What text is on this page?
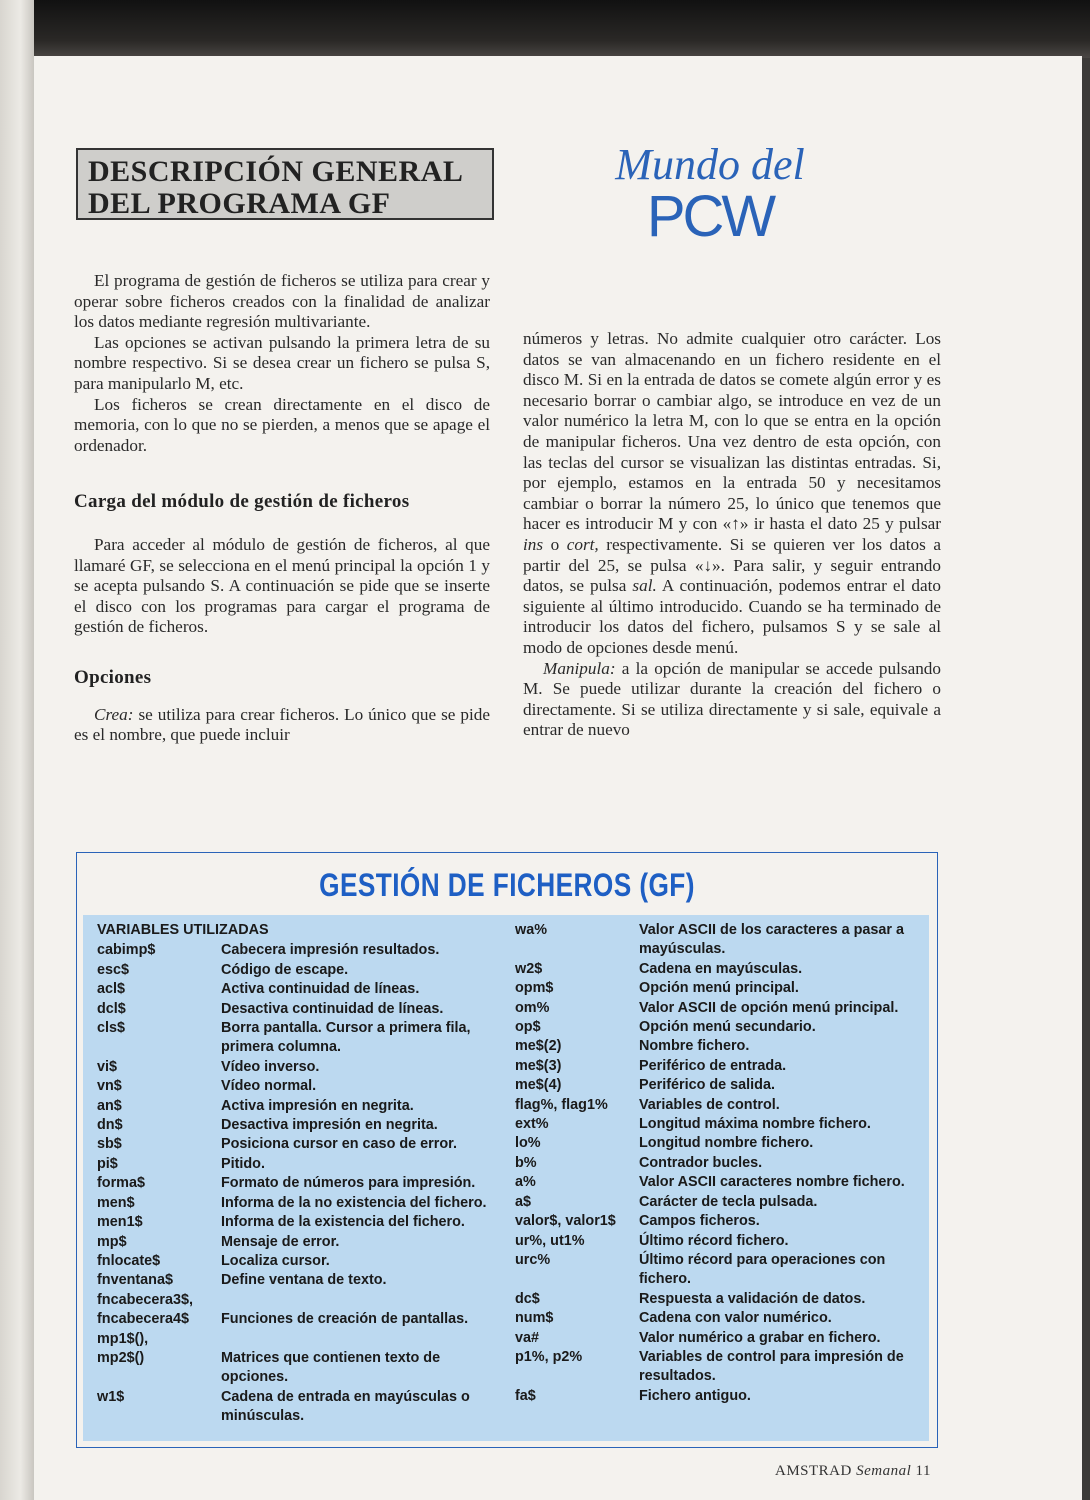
DESCRIPCIÓN GENERAL
DEL PROGRAMA GF
Mundo del
PCW

El programa de gestión de ficheros se utiliza para crear y operar sobre ficheros creados con la finalidad de analizar los datos mediante regresión multivariante.

Las opciones se activan pulsando la primera letra de su nombre respectivo. Si se desea crear un fichero se pulsa S, para manipularlo M, etc.

Los ficheros se crean directamente en el disco de memoria, con lo que no se pierden, a menos que se apage el ordenador.

Carga del módulo de gestión de ficheros

Para acceder al módulo de gestión de ficheros, al que llamaré GF, se selecciona en el menú principal la opción 1 y se acepta pulsando S. A continuación se pide que se inserte el disco con los programas para cargar el programa de gestión de ficheros.

Opciones

Crea: se utiliza para crear ficheros. Lo único que se pide es el nombre, que puede incluir

números y letras. No admite cualquier otro carácter. Los datos se van almacenando en un fichero residente en el disco M. Si en la entrada de datos se comete algún error y es necesario borrar o cambiar algo, se introduce en vez de un valor numérico la letra M, con lo que se entra en la opción de manipular ficheros. Una vez dentro de esta opción, con las teclas del cursor se visualizan las distintas entradas. Si, por ejemplo, estamos en la entrada 50 y necesitamos cambiar o borrar la número 25, lo único que tenemos que hacer es introducir M y con «↑» ir hasta el dato 25 y pulsar ins o cort, respectivamente. Si se quieren ver los datos a partir del 25, se pulsa «↓». Para salir, y seguir entrando datos, se pulsa sal. A continuación, podemos entrar el dato siguiente al último introducido. Cuando se ha terminado de introducir los datos del fichero, pulsamos S y se sale al modo de opciones desde menú.

Manipula: a la opción de manipular se accede pulsando M. Se puede utilizar durante la creación del fichero o directamente. Si se utiliza directamente y si sale, equivale a entrar de nuevo

GESTIÓN DE FICHEROS (GF)
VARIABLES UTILIZADAS
cabimp$	Cabecera impresión resultados.
esc$	Código de escape.
acl$	Activa continuidad de líneas.
dcl$	Desactiva continuidad de líneas.
cls$	Borra pantalla. Cursor a primera fila, primera columna.
vi$	Vídeo inverso.
vn$	Vídeo normal.
an$	Activa impresión en negrita.
dn$	Desactiva impresión en negrita.
sb$	Posiciona cursor en caso de error.
pi$	Pitido.
forma$	Formato de números para impresión.
men$	Informa de la no existencia del fichero.
men1$	Informa de la existencia del fichero.
mp$	Mensaje de error.
fnlocate$	Localiza cursor.
fnventana$	Define ventana de texto.
fncabecera3$,

fncabecera4$ Funciones de creación de pantallas.
mp1$(),

mp2$()	Matrices que contienen texto de opciones.
w1$	Cadena de entrada en mayúsculas o minúsculas.
wa%	Valor ASCII de los caracteres a pasar a mayúsculas.
w2$	Cadena en mayúsculas.
opm$	Opción menú principal.
om%	Valor ASCII de opción menú principal.
op$	Opción menú secundario.
me$(2)	Nombre fichero.
me$(3)	Periférico de entrada.
me$(4)	Periférico de salida.
flag%, flag1% Variables de control.
ext%	Longitud máxima nombre fichero.
lo%	Longitud nombre fichero.
b%	Contrador bucles.
a%	Valor ASCII caracteres nombre fichero.
a$	Carácter de tecla pulsada.
valor$, valor1$ Campos ficheros.
ur%, ut1%	Último récord fichero.
urc%	Último récord para operaciones con fichero.
dc$	Respuesta a validación de datos.
num$	Cadena con valor numérico.
va#	Valor numérico a grabar en fichero.
p1%, p2%	Variables de control para impresión de resultados.
fa$	Fichero antiguo.
AMSTRAD Semanal 11
